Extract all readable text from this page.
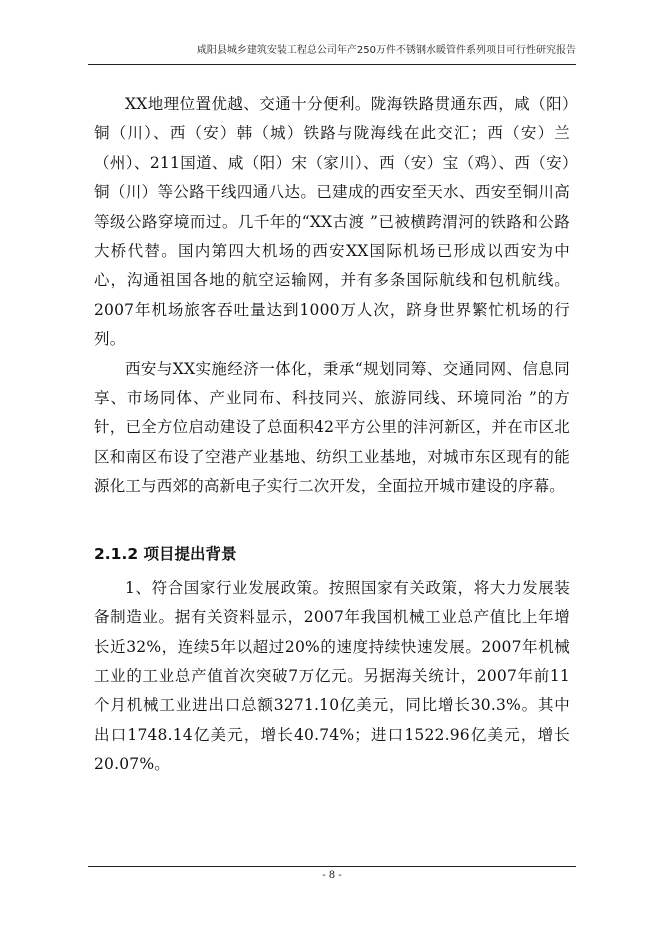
咸阳县城乡建筑安装工程总公司年产250万件不锈钢水暖管件系列项目可行性研究报告

XX地理位置优越、交通十分便利。陇海铁路贯通东西，咸（阳）铜（川）、西（安）韩（城）铁路与陇海线在此交汇；西（安）兰（州）、211国道、咸（阳）宋（家川）、西（安）宝（鸡）、西（安）铜（川）等公路干线四通八达。已建成的西安至天水、西安至铜川高等级公路穿境而过。几千年的“XX古渡 ”已被横跨渭河的铁路和公路大桥代替。国内第四大机场的西安XX国际机场已形成以西安为中心，沟通祖国各地的航空运输网，并有多条国际航线和包机航线。2007年机场旅客吞吐量达到1000万人次，跻身世界繁忙机场的行列。

西安与XX实施经济一体化，秉承“规划同筹、交通同网、信息同享、市场同体、产业同布、科技同兴、旅游同线、环境同治 ”的方针，已全方位启动建设了总面积42平方公里的沣河新区，并在市区北区和南区布设了空港产业基地、纺织工业基地，对城市东区现有的能源化工与西郊的高新电子实行二次开发，全面拉开城市建设的序幕。

2.1.2 项目提出背景

1、符合国家行业发展政策。按照国家有关政策，将大力发展装备制造业。据有关资料显示，2007年我国机械工业总产值比上年增长近32%，连续5年以超过20%的速度持续快速发展。2007年机械工业的工业总产值首次突破7万亿元。另据海关统计，2007年前11个月机械工业进出口总额3271.10亿美元，同比增长30.3%。其中出口1748.14亿美元，增长40.74%；进口1522.96亿美元，增长20.07%。

- 8 -
